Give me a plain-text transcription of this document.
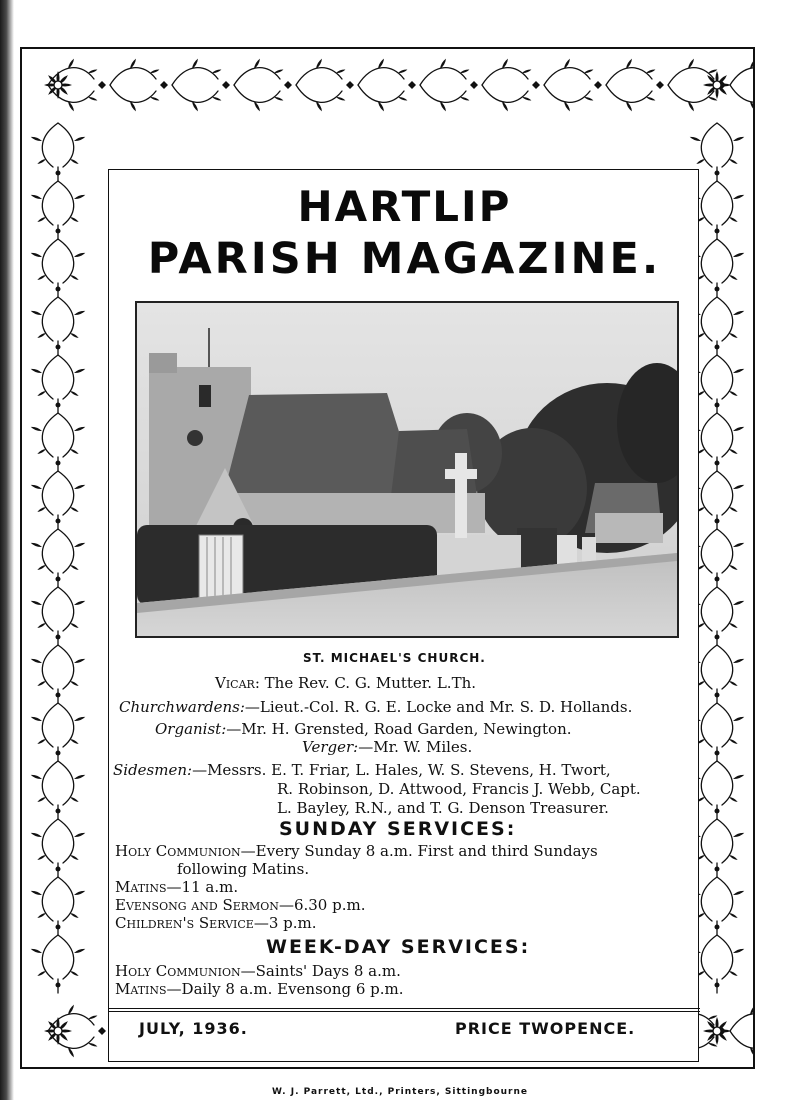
HARTLIP
PARISH MAGAZINE.

ST. MICHAEL'S CHURCH.

Vicar: The Rev. C. G. Mutter. L.Th.

Churchwardens:—Lieut.-Col. R. G. E. Locke and Mr. S. D. Hollands.

Organist:—Mr. H. Grensted, Road Garden, Newington.

Verger:—Mr. W. Miles.

Sidesmen:—Messrs. E. T. Friar, L. Hales, W. S. Stevens, H. Twort,

R. Robinson, D. Attwood, Francis J. Webb, Capt.

L. Bayley, R.N., and T. G. Denson Treasurer.

SUNDAY SERVICES:

Holy Communion—Every Sunday 8 a.m. First and third Sundays

following Matins.

Matins—11 a.m.

Evensong and Sermon—6.30 p.m.

Children's Service—3 p.m.

WEEK-DAY SERVICES:

Holy Communion—Saints' Days 8 a.m.

Matins—Daily 8 a.m. Evensong 6 p.m.

JULY, 1936.	PRICE TWOPENCE.

W. J. Parrett, Ltd., Printers, Sittingbourne
